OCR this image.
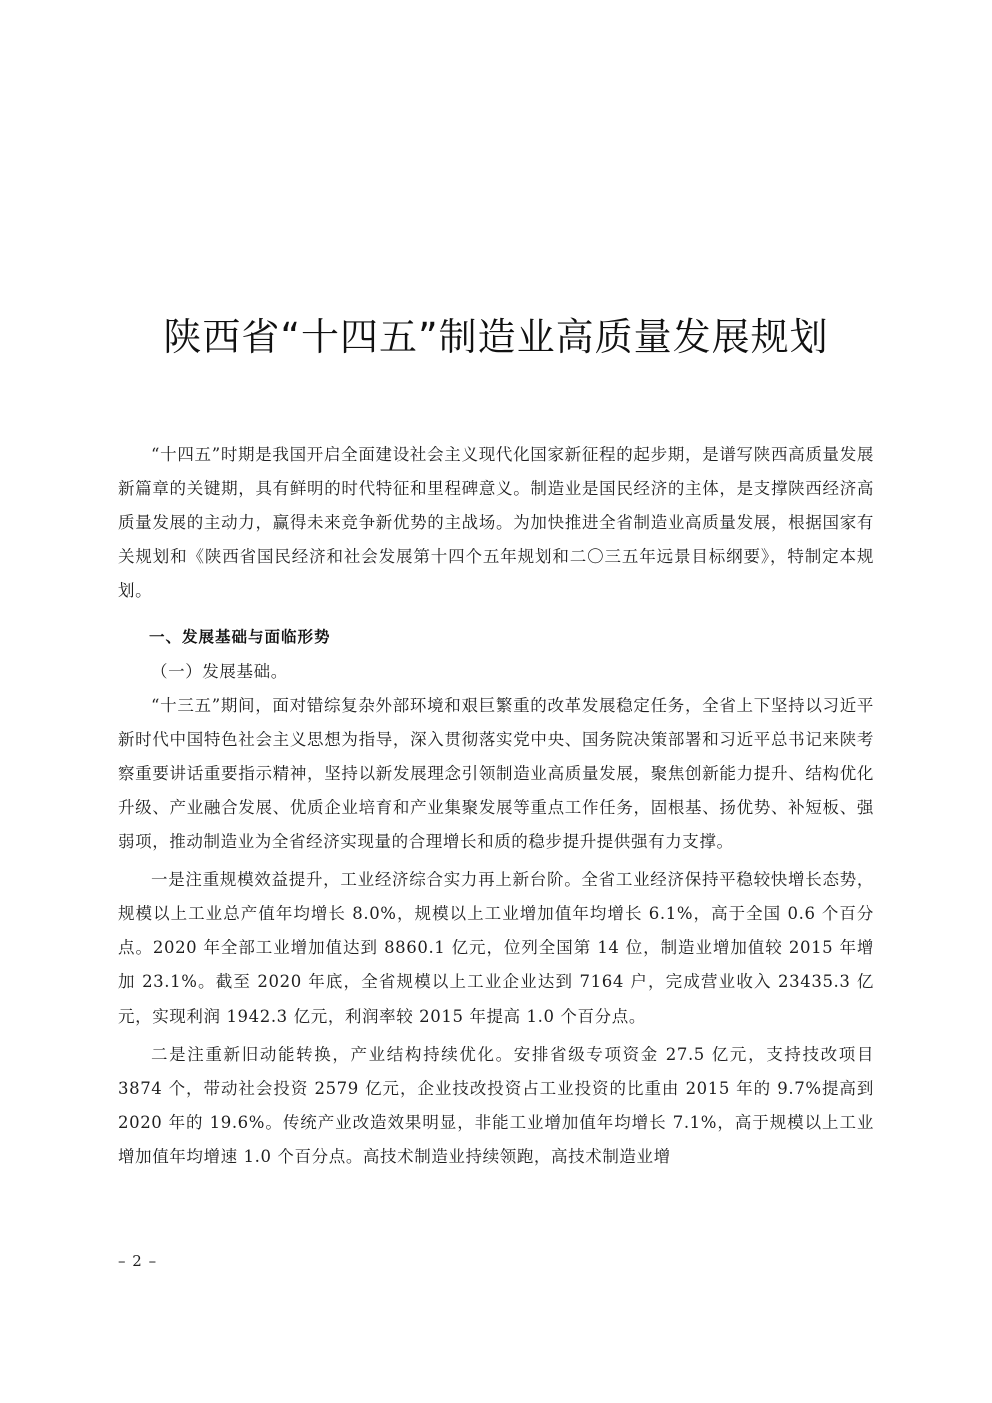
陕西省“十四五”制造业高质量发展规划

“十四五”时期是我国开启全面建设社会主义现代化国家新征程的起步期，是谱写陕西高质量发展新篇章的关键期，具有鲜明的时代特征和里程碑意义。制造业是国民经济的主体，是支撑陕西经济高质量发展的主动力，赢得未来竞争新优势的主战场。为加快推进全省制造业高质量发展，根据国家有关规划和《陕西省国民经济和社会发展第十四个五年规划和二〇三五年远景目标纲要》，特制定本规划。

一、发展基础与面临形势

（一）发展基础。

“十三五”期间，面对错综复杂外部环境和艰巨繁重的改革发展稳定任务，全省上下坚持以习近平新时代中国特色社会主义思想为指导，深入贯彻落实党中央、国务院决策部署和习近平总书记来陕考察重要讲话重要指示精神，坚持以新发展理念引领制造业高质量发展，聚焦创新能力提升、结构优化升级、产业融合发展、优质企业培育和产业集聚发展等重点工作任务，固根基、扬优势、补短板、强弱项，推动制造业为全省经济实现量的合理增长和质的稳步提升提供强有力支撑。

一是注重规模效益提升，工业经济综合实力再上新台阶。全省工业经济保持平稳较快增长态势，规模以上工业总产值年均增长 8.0%，规模以上工业增加值年均增长 6.1%，高于全国 0.6 个百分点。2020 年全部工业增加值达到 8860.1 亿元，位列全国第 14 位，制造业增加值较 2015 年增加 23.1%。截至 2020 年底，全省规模以上工业企业达到 7164 户，完成营业收入 23435.3 亿元，实现利润 1942.3 亿元，利润率较 2015 年提高 1.0 个百分点。

二是注重新旧动能转换，产业结构持续优化。安排省级专项资金 27.5 亿元，支持技改项目 3874 个，带动社会投资 2579 亿元，企业技改投资占工业投资的比重由 2015 年的 9.7%提高到 2020 年的 19.6%。传统产业改造效果明显，非能工业增加值年均增长 7.1%，高于规模以上工业增加值年均增速 1.0 个百分点。高技术制造业持续领跑，高技术制造业增

– 2 –
